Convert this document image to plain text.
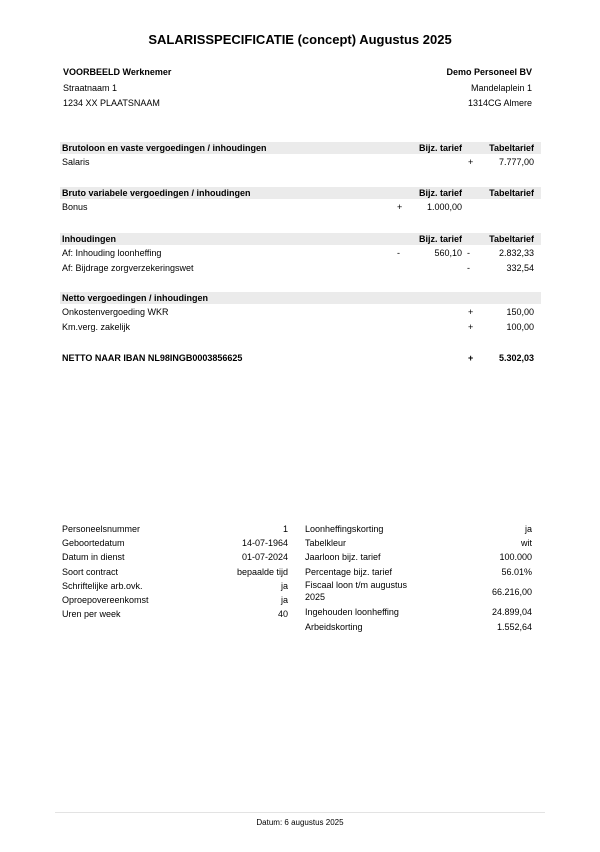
SALARISSPECIFICATIE (concept) Augustus 2025
VOORBEELD Werknemer
Straatnaam 1
1234 XX PLAATSNAAM
Demo Personeel BV
Mandelaplein 1
1314CG Almere
Brutoloon en vaste vergoedingen / inhoudingen	Bijz. tarief	Tabeltarief
Salaris	+	7.777,00
Bruto variabele vergoedingen / inhoudingen	Bijz. tarief	Tabeltarief
Bonus	+	1.000,00
Inhoudingen	Bijz. tarief	Tabeltarief
Af: Inhouding loonheffing	-	560,10 -	2.832,33
Af: Bijdrage zorgverzekeringswet	-	332,54
Netto vergoedingen / inhoudingen
Onkostenvergoeding WKR	+	150,00
Km.verg. zakelijk	+	100,00
NETTO NAAR IBAN NL98INGB0003856625	+	5.302,03
Personeelsnummer	1
Geboortedatum	14-07-1964
Datum in dienst	01-07-2024
Soort contract	bepaalde tijd
Schriftelijke arb.ovk.	ja
Oproepovereenkomst	ja
Uren per week	40
Loonheffingskorting	ja
Tabelkleur	wit
Jaarloon bijz. tarief	100.000
Percentage bijz. tarief	56.01%
Fiscaal loon t/m augustus
2025	66.216,00
Ingehouden loonheffing	24.899,04
Arbeidskorting	1.552,64
Datum: 6 augustus 2025
